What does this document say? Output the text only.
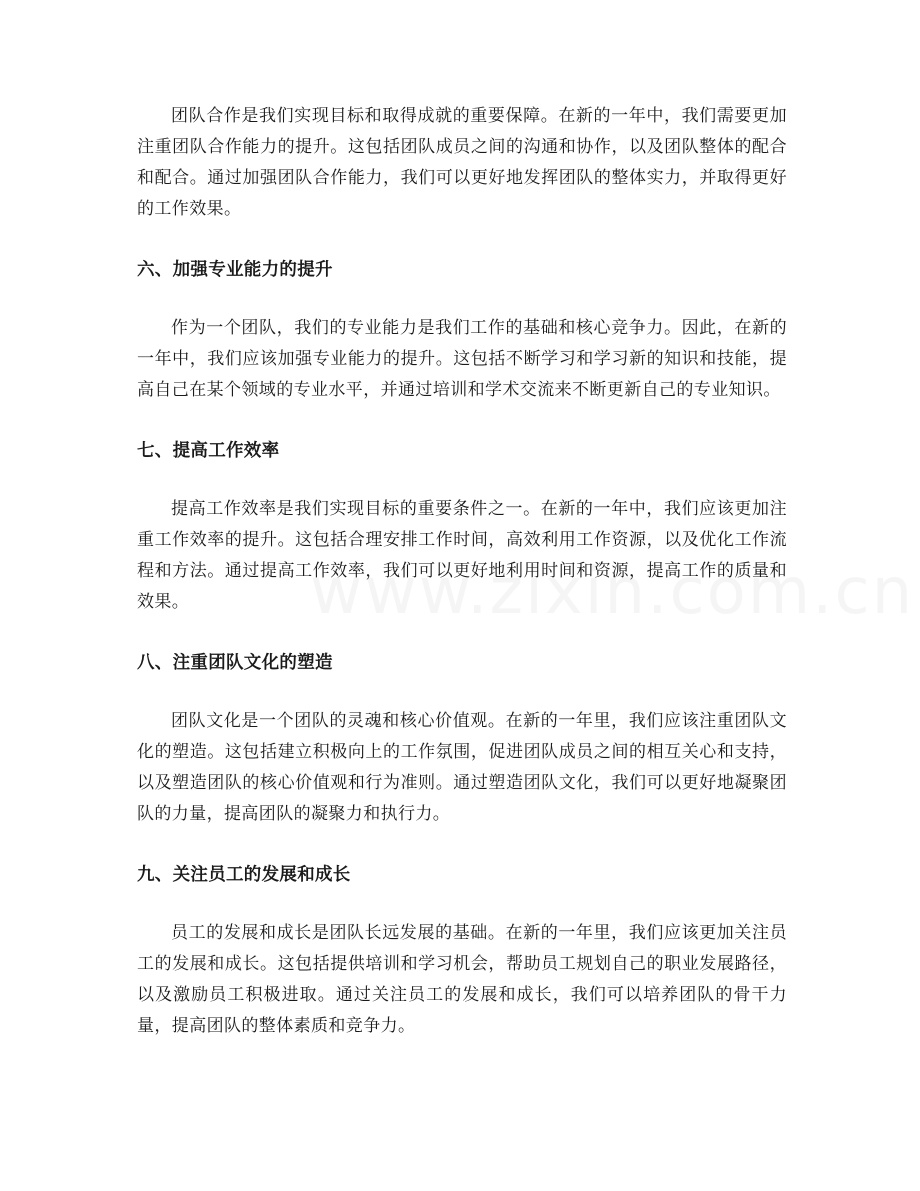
团队合作是我们实现目标和取得成就的重要保障。在新的一年中，我们需要更加注重团队合作能力的提升。这包括团队成员之间的沟通和协作，以及团队整体的配合和配合。通过加强团队合作能力，我们可以更好地发挥团队的整体实力，并取得更好的工作效果。

六、加强专业能力的提升

作为一个团队，我们的专业能力是我们工作的基础和核心竞争力。因此，在新的一年中，我们应该加强专业能力的提升。这包括不断学习和学习新的知识和技能，提高自己在某个领域的专业水平，并通过培训和学术交流来不断更新自己的专业知识。

七、提高工作效率

提高工作效率是我们实现目标的重要条件之一。在新的一年中，我们应该更加注重工作效率的提升。这包括合理安排工作时间，高效利用工作资源，以及优化工作流程和方法。通过提高工作效率，我们可以更好地利用时间和资源，提高工作的质量和效果。

八、注重团队文化的塑造

团队文化是一个团队的灵魂和核心价值观。在新的一年里，我们应该注重团队文化的塑造。这包括建立积极向上的工作氛围，促进团队成员之间的相互关心和支持，以及塑造团队的核心价值观和行为准则。通过塑造团队文化，我们可以更好地凝聚团队的力量，提高团队的凝聚力和执行力。

九、关注员工的发展和成长

员工的发展和成长是团队长远发展的基础。在新的一年里，我们应该更加关注员工的发展和成长。这包括提供培训和学习机会，帮助员工规划自己的职业发展路径，以及激励员工积极进取。通过关注员工的发展和成长，我们可以培养团队的骨干力量，提高团队的整体素质和竞争力。
